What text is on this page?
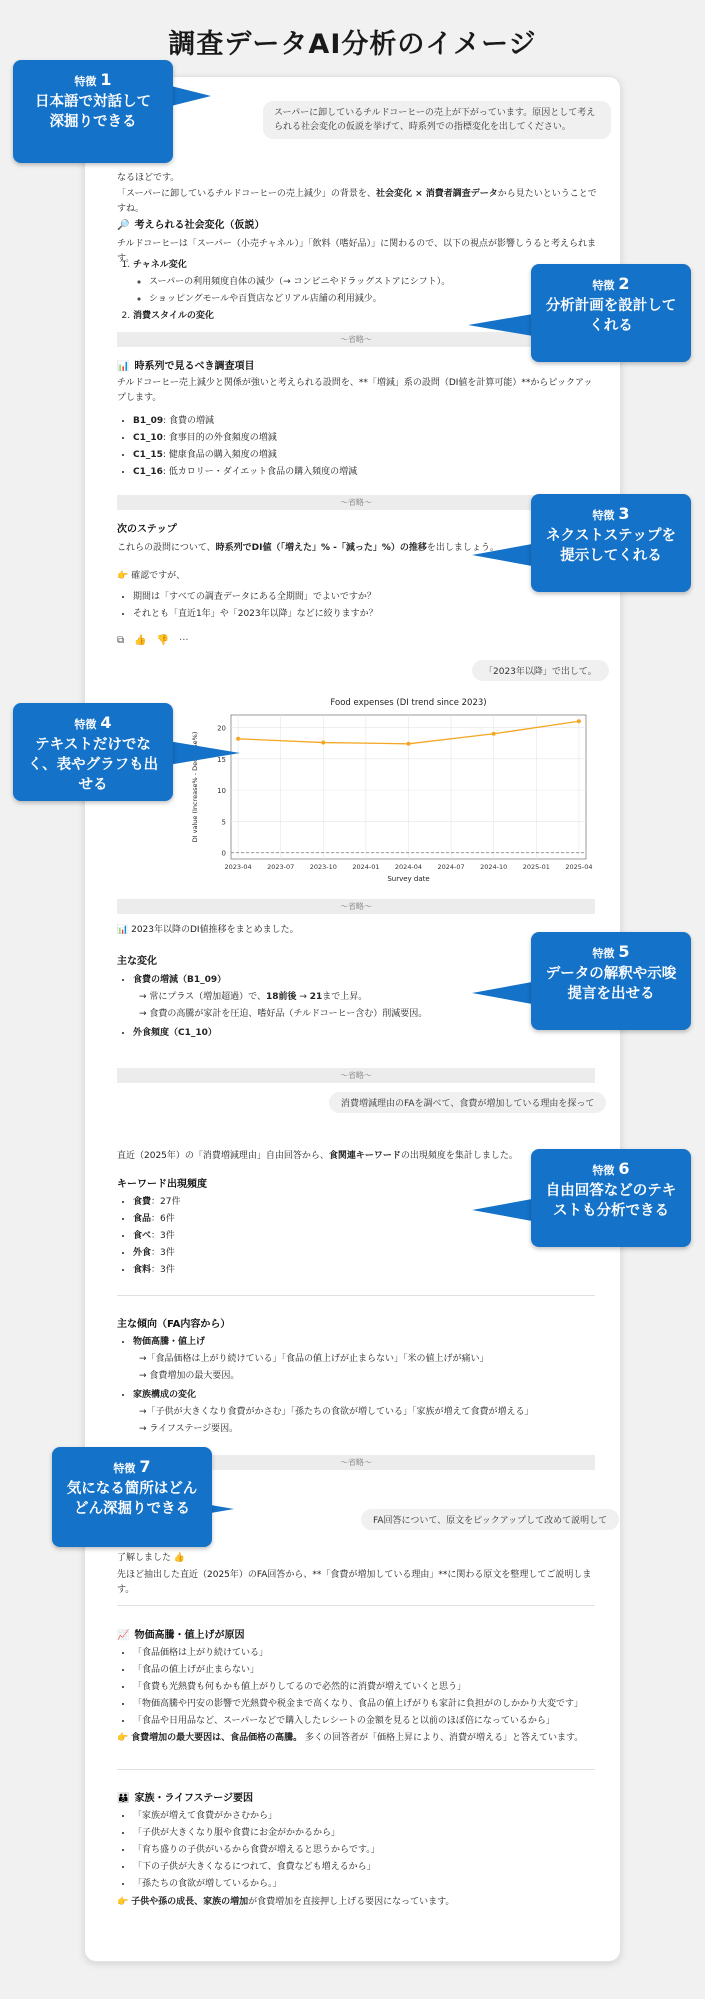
調査データAI分析のイメージ
スーパーに卸しているチルドコーヒーの売上が下がっています。原因として考えられる社会変化の仮説を挙げて、時系列での指標変化を出してください。
なるほどです。
「スーパーに卸しているチルドコーヒーの売上減少」の背景を、社会変化 × 消費者調査データから見たいということですね。
🔎 考えられる社会変化（仮説）
チルドコーヒーは「スーパー（小売チャネル）」「飲料（嗜好品）」に関わるので、以下の視点が影響しうると考えられます。
1. チャネル変化
◦ スーパーの利用頻度自体の減少（→ コンビニやドラッグストアにシフト）。
◦ ショッピングモールや百貨店などリアル店舗の利用減少。
2. 消費スタイルの変化
〜省略〜
📊 時系列で見るべき調査項目
チルドコーヒー売上減少と関係が強いと考えられる設問を、**「増減」系の設問（DI値を計算可能）**からピックアップします。
• B1_09: 食費の増減
• C1_10: 食事目的の外食頻度の増減
• C1_15: 健康食品の購入頻度の増減
• C1_16: 低カロリー・ダイエット食品の購入頻度の増減
〜省略〜
次のステップ
これらの設問について、時系列でDI値（「増えた」% -「減った」%）の推移を出しましょう。
👉 確認ですが、
• 期間は「すべての調査データにある全期間」でよいですか？
• それとも「直近1年」や「2023年以降」などに絞りますか？
⧉ 👍 👎 ···
「2023年以降」で出して。
0
5
10
15
20
2023-04 2023-07 2023-10 2024-01 2024-04 2024-07 2024-10 2025-01 2025-04
Food expenses (DI trend since 2023)
Survey date
DI value (Increase% - Decrease%)
〜省略〜
📊 2023年以降のDI値推移をまとめました。
主な変化
• 食費の増減（B1_09）
→ 常にプラス（増加超過）で、18前後 → 21まで上昇。
→ 食費の高騰が家計を圧迫、嗜好品（チルドコーヒー含む）削減要因。
• 外食頻度（C1_10）
〜省略〜
消費増減理由のFAを調べて、食費が増加している理由を探って
直近（2025年）の「消費増減理由」自由回答から、食関連キーワードの出現頻度を集計しました。
キーワード出現頻度
• 食費：27件
• 食品：6件
• 食べ：3件
• 外食：3件
• 食料：3件
主な傾向（FA内容から）
• 物価高騰・値上げ
→「食品価格は上がり続けている」「食品の値上げが止まらない」「米の値上げが痛い」
→ 食費増加の最大要因。
• 家族構成の変化
→「子供が大きくなり食費がかさむ」「孫たちの食欲が増している」「家族が増えて食費が増える」
→ ライフステージ要因。
〜省略〜
FA回答について、原文をピックアップして改めて説明して
了解しました 👍
先ほど抽出した直近（2025年）のFA回答から、**「食費が増加している理由」**に関わる原文を整理してご説明します。
📈 物価高騰・値上げが原因
• 「食品価格は上がり続けている」
• 「食品の値上げが止まらない」
• 「食費も光熱費も何もかも値上がりしてるので必然的に消費が増えていくと思う」
• 「物価高騰や円安の影響で光熱費や税金まで高くなり、食品の値上げがりも家計に負担がのしかかり大変です」
• 「食品や日用品など、スーパーなどで購入したレシートの金額を見ると以前のほぼ倍になっているから」
👉 食費増加の最大要因は、食品価格の高騰。 多くの回答者が「価格上昇により、消費が増える」と答えています。
👪 家族・ライフステージ要因
• 「家族が増えて食費がかさむから」
• 「子供が大きくなり服や食費にお金がかかるから」
• 「育ち盛りの子供がいるから食費が増えると思うからです。」
• 「下の子供が大きくなるにつれて、食費なども増えるから」
• 「孫たちの食欲が増しているから。」
👉 子供や孫の成長、家族の増加が食費増加を直接押し上げる要因になっています。
特徴 1
日本語で対話して深掘りできる
特徴 2
分析計画を設計してくれる
特徴 3
ネクストステップを提示してくれる
特徴 4
テキストだけでなく、表やグラフも出せる
特徴 5
データの解釈や示唆提言を出せる
特徴 6
自由回答などのテキストも分析できる
特徴 7
気になる箇所はどんどん深掘りできる
